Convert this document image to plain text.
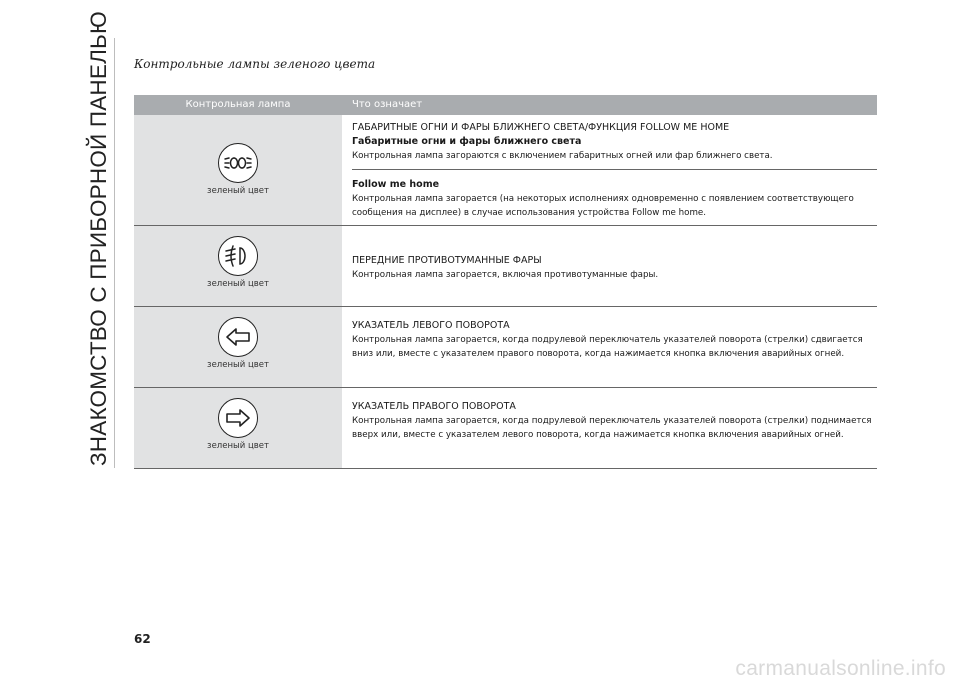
ЗНАКОМСТВО С ПРИБОРНОЙ ПАНЕЛЬЮ Контрольные лампы зеленого цвета
Контрольная лампа	Что означает
зеленый цвет
ГАБАРИТНЫЕ ОГНИ И ФАРЫ БЛИЖНЕГО СВЕТА/ФУНКЦИЯ FOLLOW ME HOME
Габаритные огни и фары ближнего света
Контрольная лампа загораются с включением габаритных огней или фар ближнего света.
Follow me home
Контрольная лампа загорается (на некоторых исполнениях одновременно с появлением соответствующего сообщения на дисплее) в случае использования устройства Follow me home.
зеленый цвет
ПЕРЕДНИЕ ПРОТИВОТУМАННЫЕ ФАРЫ
Контрольная лампа загорается, включая противотуманные фары.
зеленый цвет
УКАЗАТЕЛЬ ЛЕВОГО ПОВОРОТА
Контрольная лампа загорается, когда подрулевой переключатель указателей поворота (стрелки) сдвигается вниз или, вместе с указателем правого поворота, когда нажимается кнопка включения аварийных огней.
зеленый цвет
УКАЗАТЕЛЬ ПРАВОГО ПОВОРОТА
Контрольная лампа загорается, когда подрулевой переключатель указателей поворота (стрелки) поднимается вверх или, вместе с указателем левого поворота, когда нажимается кнопка включения аварийных огней.
62
carmanualsonline.info
